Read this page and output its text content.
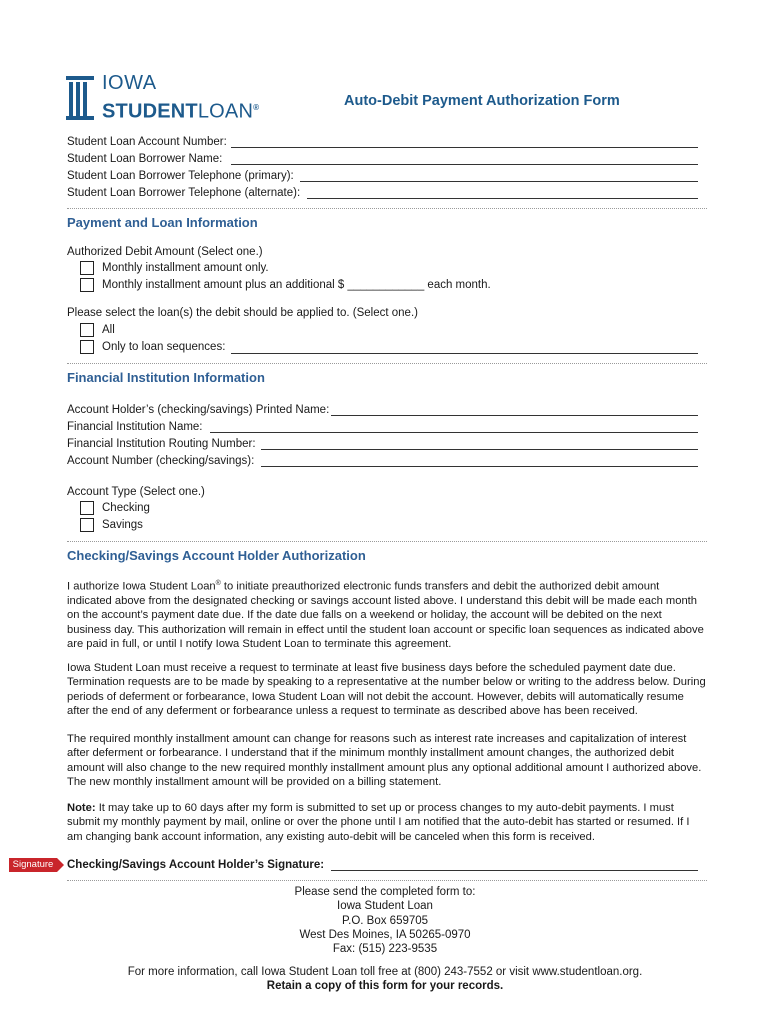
IOWA
STUDENTLOAN®	Auto-Debit Payment Authorization Form
Student Loan Account Number:
Student Loan Borrower Name:
Student Loan Borrower Telephone (primary):
Student Loan Borrower Telephone (alternate):
Payment and Loan Information
Authorized Debit Amount (Select one.)
Monthly installment amount only.
Monthly installment amount plus an additional $ ____________ each month.
Please select the loan(s) the debit should be applied to. (Select one.)
All
Only to loan sequences:
Financial Institution Information
Account Holder’s (checking/savings) Printed Name:
Financial Institution Name:
Financial Institution Routing Number:
Account Number (checking/savings):
Account Type (Select one.)
Checking
Savings
Checking/Savings Account Holder Authorization
I authorize Iowa Student Loan® to initiate preauthorized electronic funds transfers and debit the authorized debit amount indicated above from the designated checking or savings account listed above. I understand this debit will be made each month on the account’s payment date due. If the date due falls on a weekend or holiday, the account will be debited on the next business day. This authorization will remain in effect until the student loan account or specific loan sequences as indicated above are paid in full, or until I notify Iowa Student Loan to terminate this agreement.
Iowa Student Loan must receive a request to terminate at least five business days before the scheduled payment date due. Termination requests are to be made by speaking to a representative at the number below or writing to the address below. During periods of deferment or forbearance, Iowa Student Loan will not debit the account. However, debits will automatically resume after the end of any deferment or forbearance unless a request to terminate as described above has been received.
The required monthly installment amount can change for reasons such as interest rate increases and capitalization of interest after deferment or forbearance. I understand that if the minimum monthly installment amount changes, the authorized debit amount will also change to the new required monthly installment amount plus any optional additional amount I authorized above. The new monthly installment amount will be provided on a billing statement.
Note: It may take up to 60 days after my form is submitted to set up or process changes to my auto-debit payments. I must submit my monthly payment by mail, online or over the phone until I am notified that the auto-debit has started or resumed. If I am changing bank account information, any existing auto-debit will be canceled when this form is received.
Signature	Checking/Savings Account Holder’s Signature:
Please send the completed form to:
Iowa Student Loan
P.O. Box 659705
West Des Moines, IA 50265-0970
Fax: (515) 223-9535
For more information, call Iowa Student Loan toll free at (800) 243-7552 or visit www.studentloan.org.
Retain a copy of this form for your records.
